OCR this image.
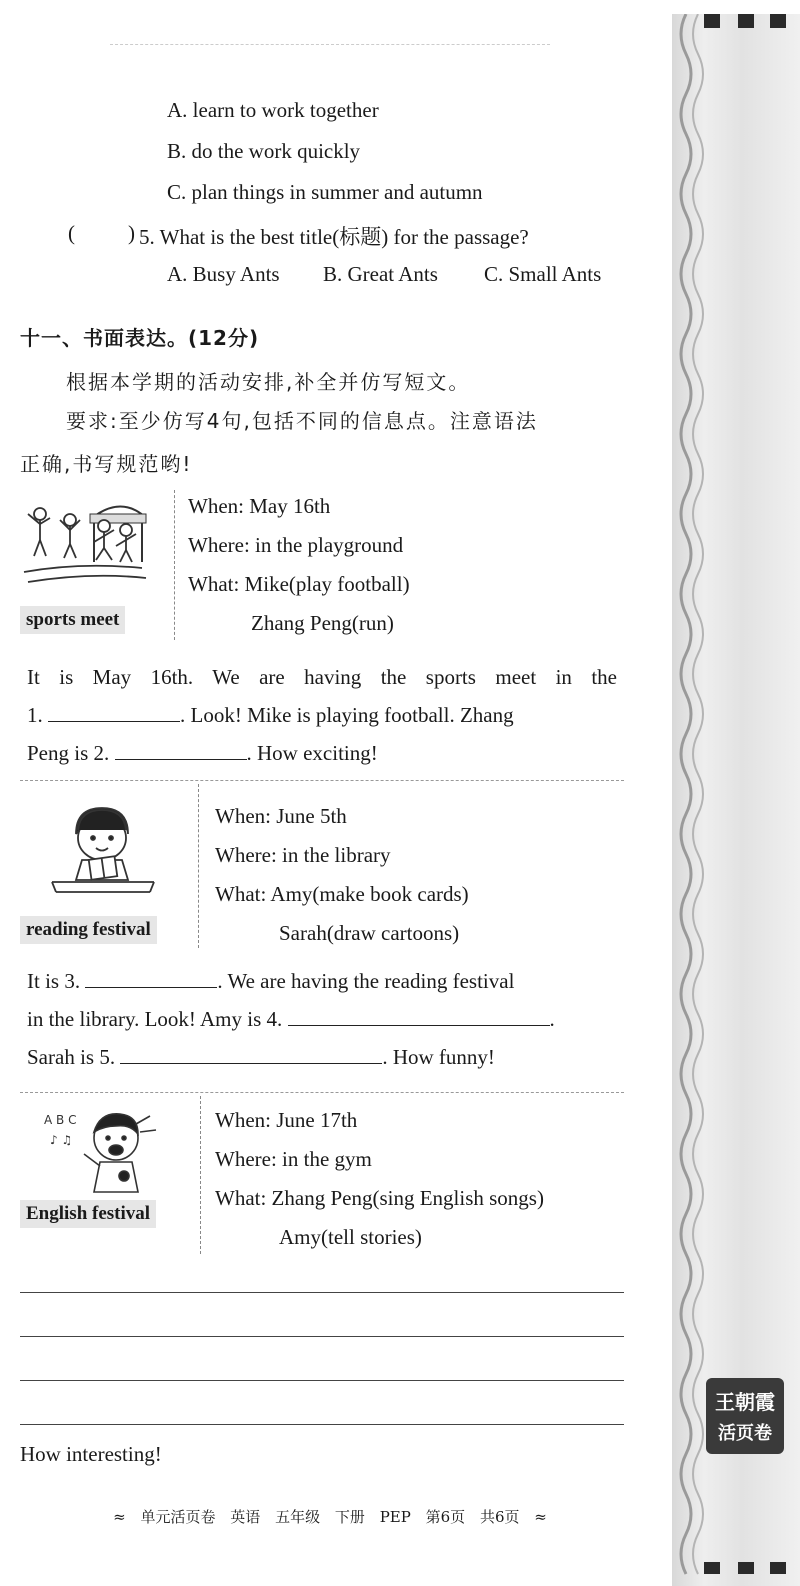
A. learn to work together
B. do the work quickly
C. plan things in summer and autumn
(	) 5. What is the best title(标题) for the passage?
A. Busy Ants B. Great Ants C. Small Ants
十一、书面表达。(12分)
根据本学期的活动安排,补全并仿写短文。
要求:至少仿写4句,包括不同的信息点。注意语法
正确,书写规范哟!
sports meet
When: May 16th
Where: in the playground
What: Mike(play football)
Zhang Peng(run)
It is May 16th. We are having the sports meet in the
1.	. Look! Mike is playing football. Zhang
Peng is 2.	. How exciting!
reading festival
When: June 5th
Where: in the library
What: Amy(make book cards)
Sarah(draw cartoons)
It is 3.	. We are having the reading festival
in the library. Look! Amy is 4.	.
Sarah is 5.	. How funny!
A B C
♪ ♫
English festival
When: June 17th
Where: in the gym
What: Zhang Peng(sing English songs)
Amy(tell stories)
How interesting!
≈ 单元活页卷 英语 五年级 下册 PEP 第6页 共6页 ≈
王朝霞
活页卷
